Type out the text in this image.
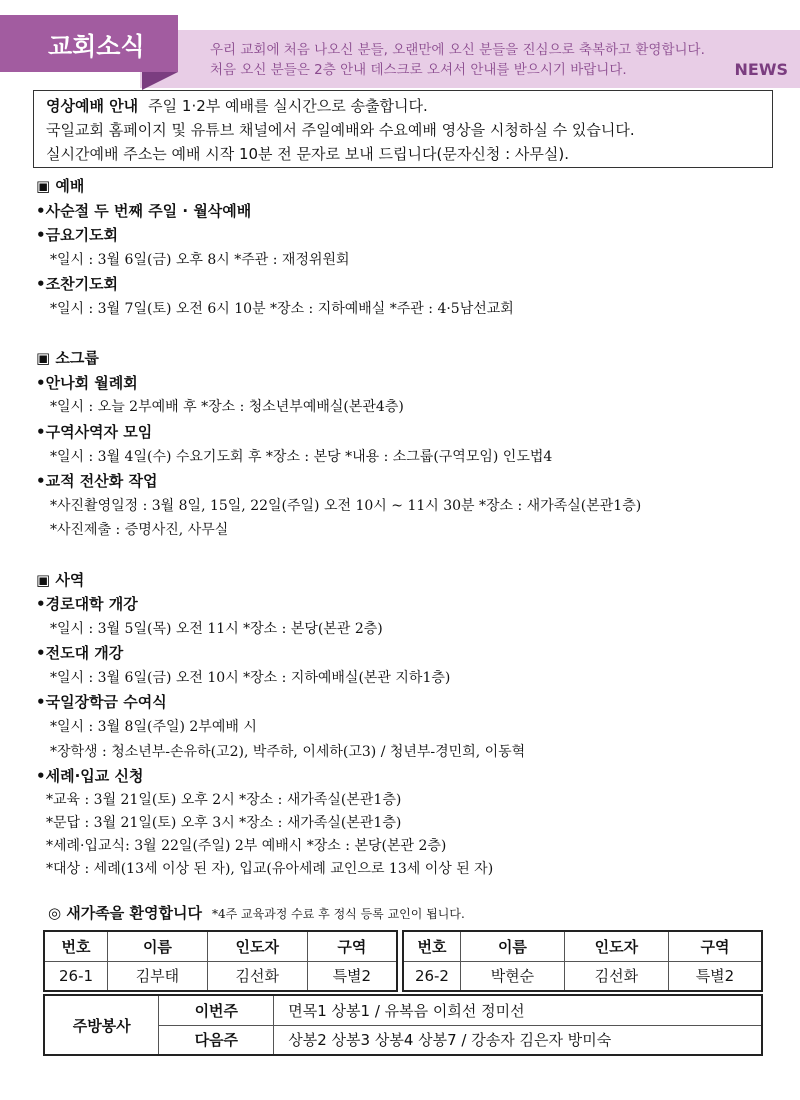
교회소식	우리 교회에 처음 나오신 분들, 오랜만에 오신 분들을 진심으로 축복하고 환영합니다.
처음 오신 분들은 2층 안내 데스크로 오셔서 안내를 받으시기 바랍니다.	NEWS
영상예배 안내 주일 1·2부 예배를 실시간으로 송출합니다.
국일교회 홈페이지 및 유튜브 채널에서 주일예배와 수요예배 영상을 시청하실 수 있습니다.
실시간예배 주소는 예배 시작 10분 전 문자로 보내 드립니다(문자신청 : 사무실).
▣ 예배
•사순절 두 번째 주일 · 월삭예배
•금요기도회
*일시 : 3월 6일(금) 오후 8시 *주관 : 재정위원회
•조찬기도회
*일시 : 3월 7일(토) 오전 6시 10분 *장소 : 지하예배실 *주관 : 4·5남선교회
▣ 소그룹
•안나회 월례회
*일시 : 오늘 2부예배 후 *장소 : 청소년부예배실(본관4층)
•구역사역자 모임
*일시 : 3월 4일(수) 수요기도회 후 *장소 : 본당 *내용 : 소그룹(구역모임) 인도법4
•교적 전산화 작업
*사진촬영일정 : 3월 8일, 15일, 22일(주일) 오전 10시 ~ 11시 30분 *장소 : 새가족실(본관1층)
*사진제출 : 증명사진, 사무실
▣ 사역
•경로대학 개강
*일시 : 3월 5일(목) 오전 11시 *장소 : 본당(본관 2층)
•전도대 개강
*일시 : 3월 6일(금) 오전 10시 *장소 : 지하예배실(본관 지하1층)
•국일장학금 수여식
*일시 : 3월 8일(주일) 2부예배 시
*장학생 : 청소년부-손유하(고2), 박주하, 이세하(고3) / 청년부-경민희, 이동혁
•세례·입교 신청
*교육 : 3월 21일(토) 오후 2시 *장소 : 새가족실(본관1층)
*문답 : 3월 21일(토) 오후 3시 *장소 : 새가족실(본관1층)
*세례·입교식: 3월 22일(주일) 2부 예배시 *장소 : 본당(본관 2층)
*대상 : 세례(13세 이상 된 자), 입교(유아세례 교인으로 13세 이상 된 자)
◎ 새가족을 환영합니다 *4주 교육과정 수료 후 정식 등록 교인이 됩니다.
번호	이름	인도자	구역
26-1	김부태	김선화	특별2
번호	이름	인도자	구역
26-2	박현순	김선화	특별2
주방봉사	이번주	면목1 상봉1 / 유복음 이희선 정미선
	다음주	상봉2 상봉3 상봉4 상봉7 / 강송자 김은자 방미숙
